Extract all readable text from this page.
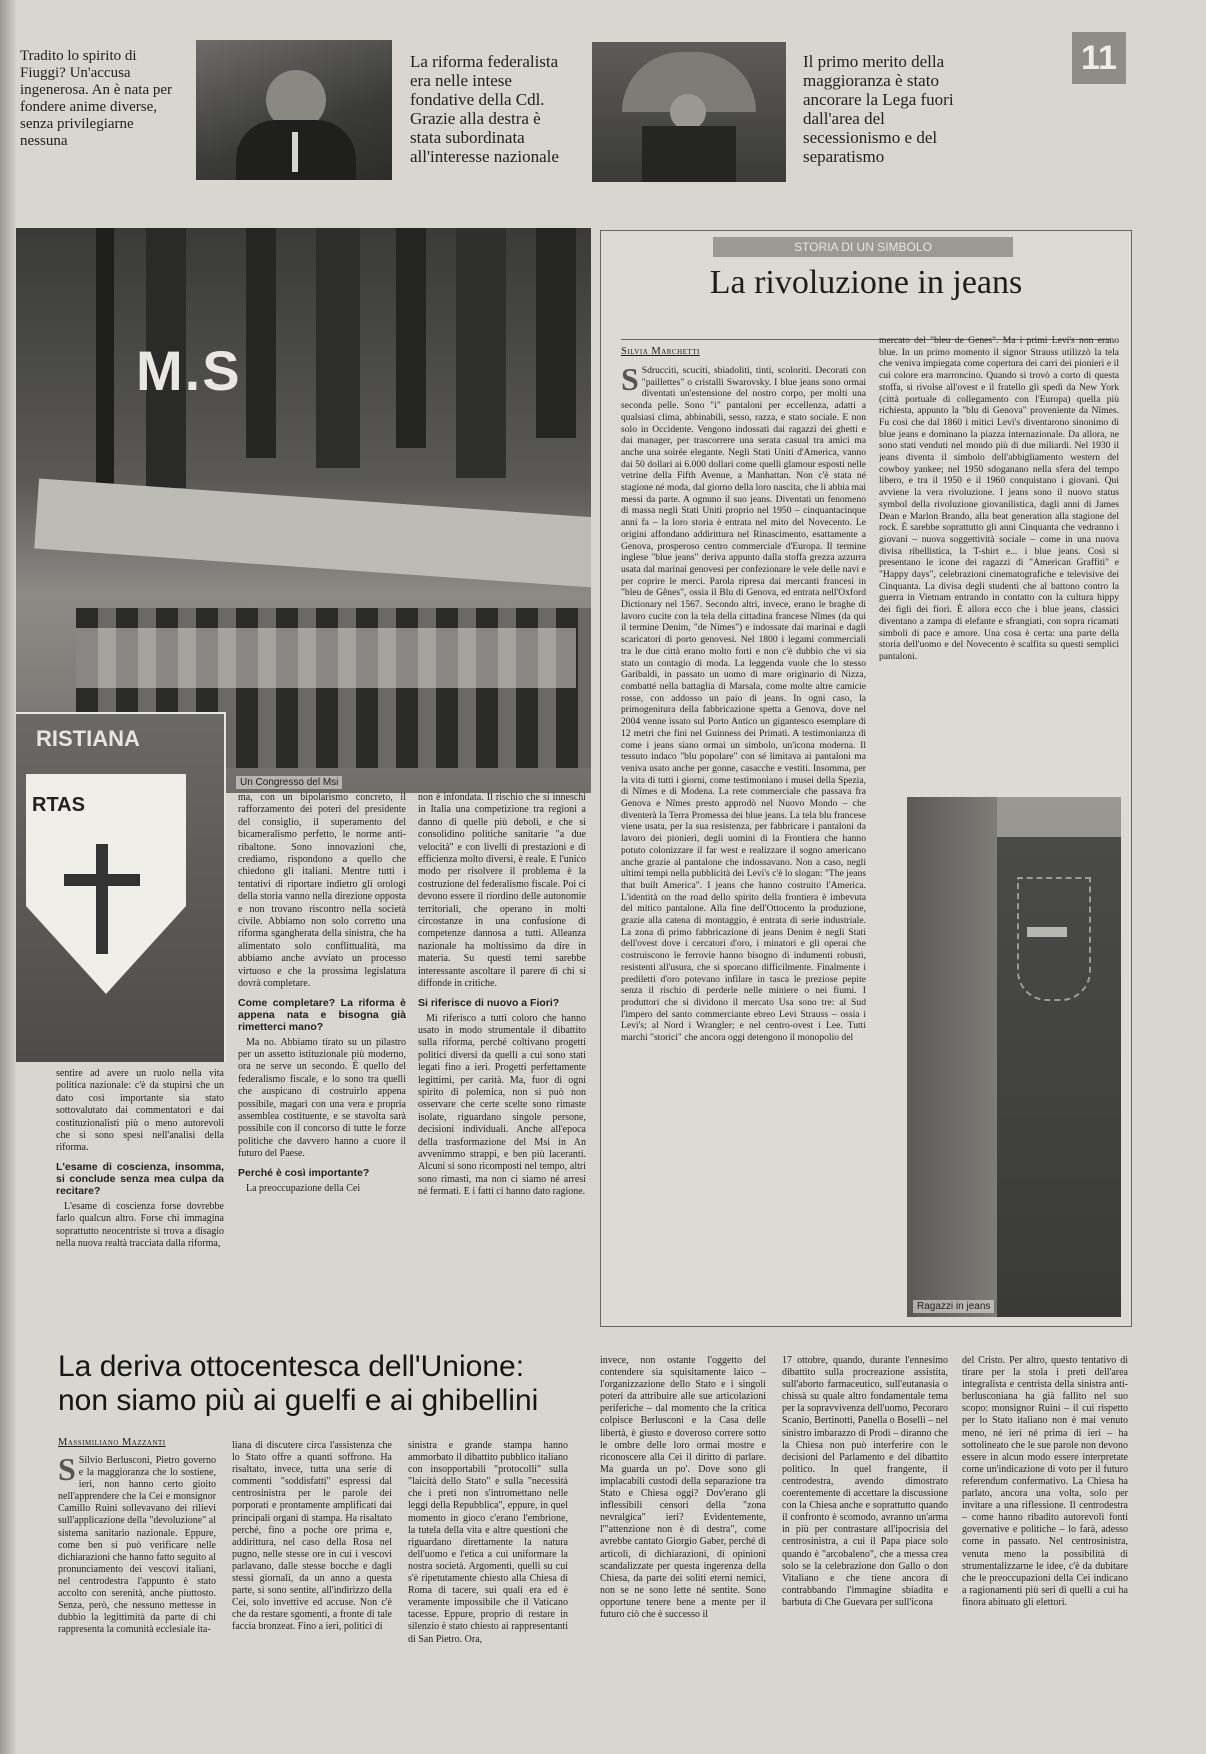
Tradito lo spirito di Fiuggi? Un'accusa ingenerosa. An è nata per fondere anime diverse, senza privilegiarne nessuna
La riforma federalista era nelle intese fondative della Cdl. Grazie alla destra è stata subordinata all'interesse nazionale
Il primo merito della maggioranza è stato ancorare la Lega fuori dall'area del secessionismo e del separatismo
11
M.S
Un Congresso del Msi
RISTIANA
RTAS

sentire ad avere un ruolo nella vita politica nazionale: c'è da stupirsi che un dato così importante sia stato sottovalutato dai commentatori e dai costituzionalisti più o meno autorevoli che si sono spesi nell'analisi della riforma.

L'esame di coscienza, insomma, si conclude senza mea culpa da recitare?

L'esame di coscienza forse dovrebbe farlo qualcun altro. Forse chi immagina soprattutto neocentriste si trova a disagio nella nuova realtà tracciata dalla riforma,

ma, con un bipolarismo concreto, il rafforzamento dei poteri del presidente del consiglio, il superamento del bicameralismo perfetto, le norme anti-ribaltone. Sono innovazioni che, crediamo, rispondono a quello che chiedono gli italiani. Mentre tutti i tentativi di riportare indietro gli orologi della storia vanno nella direzione opposta e non trovano riscontro nella società civile. Abbiamo non solo corretto una riforma sgangherata della sinistra, che ha alimentato solo conflittualità, ma abbiamo anche avviato un processo virtuoso e che la prossima legislatura dovrà completare.

Come completare? La riforma è appena nata e bisogna già rimetterci mano?

Ma no. Abbiamo tirato su un pilastro per un assetto istituzionale più moderno, ora ne serve un secondo. È quello del federalismo fiscale, e lo sono tra quelli che auspicano di costruirlo appena possibile, magari con una vera e propria assemblea costituente, e se stavolta sarà possibile con il concorso di tutte le forze politiche che davvero hanno a cuore il futuro del Paese.

Perché è così importante?

La preoccupazione della Cei

non è infondata. Il rischio che si inneschi in Italia una competizione tra regioni a danno di quelle più deboli, e che si consolidino politiche sanitarie "a due velocità" e con livelli di prestazioni e di efficienza molto diversi, è reale. E l'unico modo per risolvere il problema è la costruzione del federalismo fiscale. Poi ci devono essere il riordino delle autonomie territoriali, che operano in molti circostanze in una confusione di competenze dannosa a tutti. Alleanza nazionale ha moltissimo da dire in materia. Su questi temi sarebbe interessante ascoltare il parere di chi si diffonde in critiche.

Si riferisce di nuovo a Fiori?

Mi riferisco a tutti coloro che hanno usato in modo strumentale il dibattito sulla riforma, perché coltivano progetti politici diversi da quelli a cui sono stati legati fino a ieri. Progetti perfettamente legittimi, per carità. Ma, fuor di ogni spirito di polemica, non si può non osservare che certe scelte sono rimaste isolate, riguardano singole persone, decisioni individuali. Anche all'epoca della trasformazione del Msi in An avvenimmo strappi, e ben più laceranti. Alcuni si sono ricomposti nel tempo, altri sono rimasti, ma non ci siamo né arresi né fermati. E i fatti ci hanno dato ragione.

STORIA DI UN SIMBOLO
La rivoluzione in jeans
Silvia Marchetti
S Sdrucciti, scuciti, sbiadoliti, tinti, scoloriti. Decorati con "paillettes" o cristalli Swarovsky. I blue jeans sono ormai diventati un'estensione del nostro corpo, per molti una seconda pelle. Sono "i" pantaloni per eccellenza, adatti a qualsiasi clima, abbinabili, sesso, razza, e stato sociale. E non solo in Occidente. Vengono indossati dai ragazzi dei ghetti e dai manager, per trascorrere una serata casual tra amici ma anche una soirée elegante. Negli Stati Uniti d'America, vanno dai 50 dollari ai 6.000 dollari come quelli glamour esposti nelle vetrine della Fifth Avenue, a Manhattan. Non c'è stata né stagione né moda, dal giorno della loro nascita, che li abbia mai messi da parte. A ognuno il suo jeans. Diventati un fenomeno di massa negli Stati Uniti proprio nel 1950 – cinquantacinque anni fa – la loro storia è entrata nel mito del Novecento. Le origini affondano addirittura nel Rinascimento, esattamente a Genova, prosperoso centro commerciale d'Europa. Il termine inglese "blue jeans" deriva appunto dalla stoffa grezza azzurra usata dal marinai genovesi per confezionare le vele delle navi e per coprire le merci. Parola ripresa dai mercanti francesi in "bleu de Gênes", ossia il Blu di Genova, ed entrata nell'Oxford Dictionary nel 1567. Secondo altri, invece, erano le braghe di lavoro cucite con la tela della cittadina francese Nîmes (da qui il termine Denim, "de Nimes") e indossate dai marinai e dagli scaricatori di porto genovesi. Nel 1800 i legami commerciali tra le due città erano molto forti e non c'è dubbio che vi sia stato un contagio di moda. La leggenda vuole che lo stesso Garibaldi, in passato un uomo di mare originario di Nizza, combatté nella battaglia di Marsala, come molte altre camicie rosse, con addosso un paio di jeans. In ogni caso, la primogenitura della fabbricazione spetta a Genova, dove nel 2004 venne issato sul Porto Antico un gigantesco esemplare di 12 metri che finì nel Guinness dei Primati. A testimonianza di come i jeans siano ormai un simbolo, un'icona moderna. Il tessuto indaco "blu popolare" con sé limitava ai pantaloni ma veniva usato anche per gonne, casacche e vestiti. Insomma, per la vita di tutti i giorni, come testimoniano i musei della Spezia, di Nîmes e di Modena. La rete commerciale che passava fra Genova e Nîmes presto approdò nel Nuovo Mondo – che diventerà la Terra Promessa dei blue jeans. La tela blu francese viene usata, per la sua resistenza, per fabbricare i pantaloni da lavoro dei pionieri, degli uomini di la Frontiera che hanno potuto colonizzare il far west e realizzare il sogno americano anche grazie al pantalone che indossavano. Non a caso, negli ultimi tempi nella pubblicità dei Levi's c'è lo slogan: "The jeans that built America". I jeans che hanno costruito l'America. L'identità on the road dello spirito della frontiera è imbevuta del mitico pantalone. Alla fine dell'Ottocento la produzione, grazie alla catena di montaggio, è entrata di serie industriale. La zona di primo fabbricazione di jeans Denim è negli Stati dell'ovest dove i cercatori d'oro, i minatori e gli operai che costruiscono le ferrovie hanno bisogno di indumenti robusti, resistenti all'usura, che si sporcano difficilmente. Finalmente i prediletti d'oro potevano infilare in tasca le preziose pepite senza il rischio di perderle nelle miniere o nei fiumi. I produttori che si dividono il mercato Usa sono tre: al Sud l'impero del santo commerciante ebreo Levi Strauss – ossia i Levi's; al Nord i Wrangler; e nel centro-ovest i Lee. Tutti marchi "storici" che ancora oggi detengono il monopolio del
mercato del "bleu de Genes". Ma i primi Levi's non erano blue. In un primo momento il signor Strauss utilizzò la tela che veniva impiegata come copertura dei carri dei pionieri e il cui colore era marroncino. Quando si trovò a corto di questa stoffa, si rivolse all'ovest e il fratello gli spedì da New York (città portuale di collegamento con l'Europa) quella più richiesta, appunto la "blu di Genova" proveniente da Nîmes. Fu così che dal 1860 i mitici Levi's diventarono sinonimo di blue jeans e dominano la piazza internazionale. Da allora, ne sono stati venduti nel mondo più di due miliardi. Nel 1930 il jeans diventa il simbolo dell'abbigliamento western del cowboy yankee; nel 1950 sdoganano nella sfera del tempo libero, e tra il 1950 e il 1960 conquistano i giovani. Qui avviene la vera rivoluzione. I jeans sono il nuovo status symbol della rivoluzione giovanilistica, dagli anni di James Dean e Marlon Brando, alla beat generation alla stagione del rock. È sarebbe soprattutto gli anni Cinquanta che vedranno i giovani – nuova soggettività sociale – come in una nuova divisa ribellistica, la T-shirt e... i blue jeans. Così si presentano le icone dei ragazzi di "American Graffiti" e "Happy days", celebrazioni cinematografiche e televisive dei Cinquanta. La divisa degli studenti che al battono contro la guerra in Vietnam entrando in contatto con la cultura hippy dei figli dei fiori. È allora ecco che i blue jeans, classici diventano a zampa di elefante e sfrangiati, con sopra ricamati simboli di pace e amore. Una cosa è certa: una parte della storia dell'uomo e del Novecento è scalfita su questi semplici pantaloni.
Ragazzi in jeans
La deriva ottocentesca dell'Unione: non siamo più ai guelfi e ai ghibellini
Massimiliano Mazzanti
S Silvio Berlusconi, Pietro governo e la maggioranza che lo sostiene, ieri, non hanno certo gioito nell'apprendere che la Cei e monsignor Camillo Ruini sollevavano dei rilievi sull'applicazione della "devoluzione" al sistema sanitario nazionale. Eppure, come ben si può verificare nelle dichiarazioni che hanno fatto seguito al pronunciamento dei vescovi italiani, nel centrodestra l'appunto è stato accolto con serenità, anche piuttosto. Senza, però, che nessuno mettesse in dubbio la legittimità da parte di chi rappresenta la comunità ecclesiale ita-
liana di discutere circa l'assistenza che lo Stato offre a quanti soffrono. Ha risaltato, invece, tutta una serie di commenti "soddisfatti" espressi dal centrosinistra per le parole dei porporati e prontamente amplificati dai principali organi di stampa. Ha risaltato perché, fino a poche ore prima e, addirittura, nel caso della Rosa nel pugno, nelle stesse ore in cui i vescovi parlavano, dalle stesse bocche e dagli stessi giornali, da un anno a questa parte, si sono sentite, all'indirizzo della Cei, solo invettive ed accuse. Non c'è che da restare sgomenti, a fronte di tale faccia bronzeat. Fino a ieri, politici di
sinistra e grande stampa hanno ammorbato il dibattito pubblico italiano con insopportabili "protocolli" sulla "laicità dello Stato" e sulla "necessità che i preti non s'intromettano nelle leggi della Repubblica", eppure, in quel momento in gioco c'erano l'embrione, la tutela della vita e altre questioni che riguardano direttamente la natura dell'uomo e l'etica a cui uniformare la nostra società. Argomenti, quelli su cui s'è ripetutamente chiesto alla Chiesa di Roma di tacere, sui quali era ed è veramente impossibile che il Vaticano tacesse. Eppure, proprio di restare in silenzio è stato chiesto ai rappresentanti di San Pietro. Ora,
invece, non ostante l'oggetto del contendere sia squisitamente laico – l'organizzazione dello Stato e i singoli poteri da attribuire alle sue articolazioni periferiche – dal momento che la critica colpisce Berlusconi e la Casa delle libertà, è giusto e doveroso correre sotto le ombre delle loro ormai mostre e riconoscere alla Cei il diritto di parlare. Ma guarda un po'. Dove sono gli implacabili custodi della separazione tra Stato e Chiesa oggi? Dov'erano gli inflessibili censori della "zona nevralgica" ieri? Evidentemente, l'"attenzione non è di destra", come avrebbe cantato Giorgio Gaber, perché di articoli, di dichiarazioni, di opinioni scandalizzate per questa ingerenza della Chiesa, da parte dei soliti eterni nemici, non se ne sono lette né sentite. Sono opportune tenere bene a mente per il futuro ciò che è successo il
17 ottobre, quando, durante l'ennesimo dibattito sulla procreazione assistita, sull'aborto farmaceutico, sull'eutanasia o chissà su quale altro fondamentale tema per la sopravvivenza dell'uomo, Pecoraro Scanio, Bertinotti, Panella o Boselli – nel sinistro imbarazzo di Prodi – diranno che la Chiesa non può interferire con le decisioni del Parlamento e del dibattito politico. In quel frangente, il centrodestra, avendo dimostrato coerentemente di accettare la discussione con la Chiesa anche e soprattutto quando il confronto è scomodo, avranno un'arma in più per contrastare all'ipocrisia del centrosinistra, a cui il Papa piace solo quando è "arcobaleno", che a messa crea solo se la celebrazione don Gallo o don Vitaliano e che tiene ancora di contrabbando l'immagine sbiadita e barbuta di Che Guevara per sull'icona
del Cristo. Per altro, questo tentativo di tirare per la stola i preti dell'area integralista e centrista della sinistra anti-berlusconiana ha già fallito nel suo scopo: monsignor Ruini – il cui rispetto per lo Stato italiano non è mai venuto meno, né ieri né prima di ieri – ha sottolineato che le sue parole non devono essere in alcun modo essere interpretate come un'indicazione di voto per il futuro referendum confermativo. La Chiesa ha parlato, ancora una volta, solo per invitare a una riflessione. Il centrodestra – come hanno ribadito autorevoli fonti governative e politiche – lo farà, adesso come in passato. Nel centrosinistra, venuta meno la possibilità di strumentalizzarne le idee, c'è da dubitare che le preoccupazioni della Cei indicano a ragionamenti più seri di quelli a cui ha finora abituato gli elettori.
